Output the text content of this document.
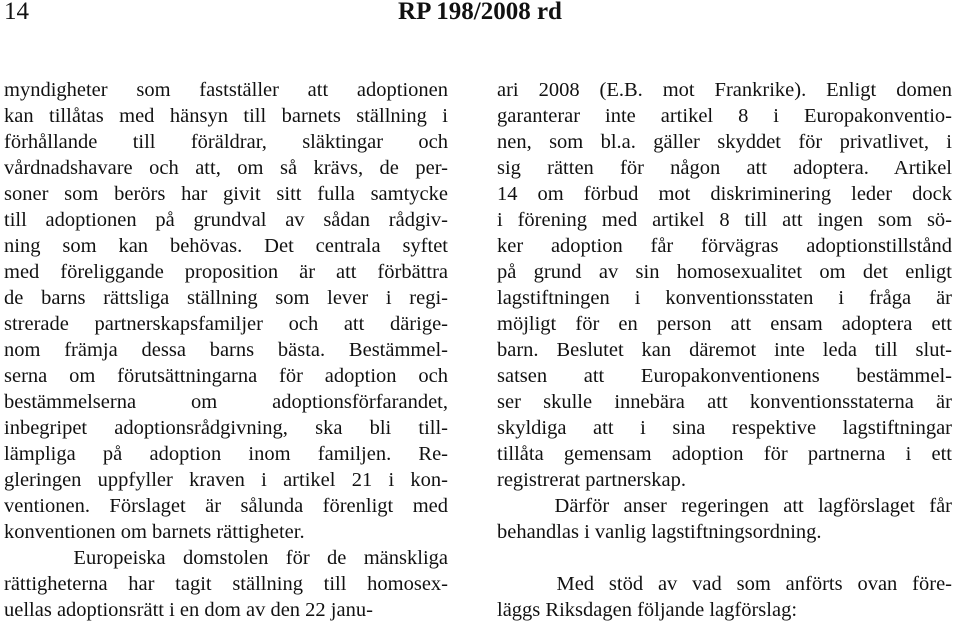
14	RP 198/2008 rd
myndigheter som fastställer att adoptionen
kan tillåtas med hänsyn till barnets ställning i
förhållande till föräldrar, släktingar och
vårdnadshavare och att, om så krävs, de per-
soner som berörs har givit sitt fulla samtycke
till adoptionen på grundval av sådan rådgiv-
ning som kan behövas. Det centrala syftet
med föreliggande proposition är att förbättra
de barns rättsliga ställning som lever i regi-
strerade partnerskapsfamiljer och att därige-
nom främja dessa barns bästa. Bestämmel-
serna om förutsättningarna för adoption och
bestämmelserna om adoptionsförfarandet,
inbegripet adoptionsrådgivning, ska bli till-
lämpliga på adoption inom familjen. Re-
gleringen uppfyller kraven i artikel 21 i kon-
ventionen. Förslaget är sålunda förenligt med
konventionen om barnets rättigheter.
Europeiska domstolen för de mänskliga
rättigheterna har tagit ställning till homosex-
uellas adoptionsrätt i en dom av den 22 janu-
ari 2008 (E.B. mot Frankrike). Enligt domen
garanterar inte artikel 8 i Europakonventio-
nen, som bl.a. gäller skyddet för privatlivet, i
sig rätten för någon att adoptera. Artikel
14 om förbud mot diskriminering leder dock
i förening med artikel 8 till att ingen som sö-
ker adoption får förvägras adoptionstillstånd
på grund av sin homosexualitet om det enligt
lagstiftningen i konventionsstaten i fråga är
möjligt för en person att ensam adoptera ett
barn. Beslutet kan däremot inte leda till slut-
satsen att Europakonventionens bestämmel-
ser skulle innebära att konventionsstaterna är
skyldiga att i sina respektive lagstiftningar
tillåta gemensam adoption för partnerna i ett
registrerat partnerskap.
Därför anser regeringen att lagförslaget får
behandlas i vanlig lagstiftningsordning.
Med stöd av vad som anförts ovan före-
läggs Riksdagen följande lagförslag:
